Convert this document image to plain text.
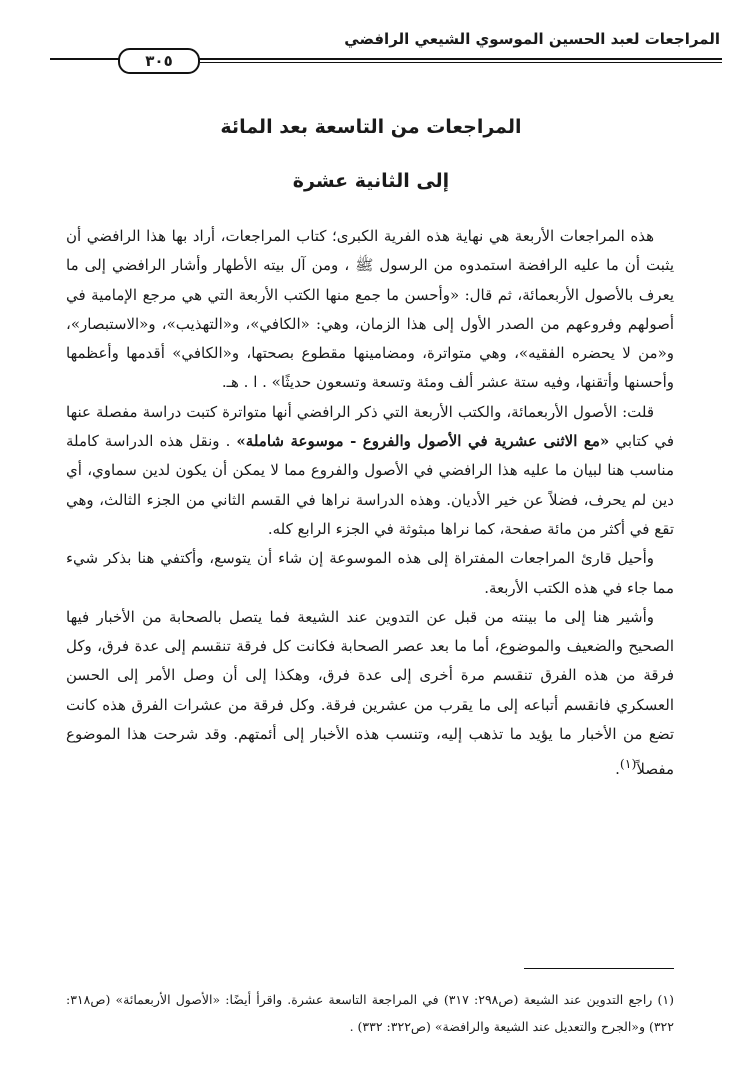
المراجعات لعبد الحسين الموسوي الشيعي الرافضي
٣٠٥
المراجعات من التاسعة بعد المائة
إلى الثانية عشرة

هذه المراجعات الأربعة هي نهاية هذه الفرية الكبرى؛ كتاب المراجعات، أراد بها هذا الرافضي أن يثبت أن ما عليه الرافضة استمدوه من الرسول ﷺ ، ومن آل بيته الأطهار وأشار الرافضي إلى ما يعرف بالأصول الأربعمائة، ثم قال: «وأحسن ما جمع منها الكتب الأربعة التي هي مرجع الإمامية في أصولهم وفروعهم من الصدر الأول إلى هذا الزمان، وهي: «الكافي»، و«التهذيب»، و«الاستبصار»، و«من لا يحضره الفقيه»، وهي متواترة، ومضامينها مقطوع بصحتها، و«الكافي» أقدمها وأعظمها وأحسنها وأتقنها، وفيه ستة عشر ألف ومئة وتسعة وتسعون حديثًا» . ا . هـ.

قلت: الأصول الأربعمائة، والكتب الأربعة التي ذكر الرافضي أنها متواترة كتبت دراسة مفصلة عنها في كتابي «مع الاثنى عشرية في الأصول والفروع - موسوعة شاملة» . ونقل هذه الدراسة كاملة مناسب هنا لبيان ما عليه هذا الرافضي في الأصول والفروع مما لا يمكن أن يكون لدين سماوي، أي دين لم يحرف، فضلاً عن خير الأديان. وهذه الدراسة نراها في القسم الثاني من الجزء الثالث، وهي تقع في أكثر من مائة صفحة، كما نراها مبثوثة في الجزء الرابع كله.

وأحيل قارئ المراجعات المفتراة إلى هذه الموسوعة إن شاء أن يتوسع، وأكتفي هنا بذكر شيء مما جاء في هذه الكتب الأربعة.

وأشير هنا إلى ما بينته من قبل عن التدوين عند الشيعة فما يتصل بالصحابة من الأخبار فيها الصحيح والضعيف والموضوع، أما ما بعد عصر الصحابة فكانت كل فرقة تنقسم إلى عدة فرق، وكل فرقة من هذه الفرق تنقسم مرة أخرى إلى عدة فرق، وهكذا إلى أن وصل الأمر إلى الحسن العسكري فانقسم أتباعه إلى ما يقرب من عشرين فرقة. وكل فرقة من عشرات الفرق هذه كانت تضع من الأخبار ما يؤيد ما تذهب إليه، وتنسب هذه الأخبار إلى أئمتهم. وقد شرحت هذا الموضوع مفصلاً$^{(١)}$.

(١) راجع التدوين عند الشيعة (ص٢٩٨: ٣١٧) في المراجعة التاسعة عشرة. واقرأ أيضًا: «الأصول الأربعمائة» (ص٣١٨: ٣٢٢) و«الجرح والتعديل عند الشيعة والرافضة» (ص٣٢٢: ٣٣٢) .
